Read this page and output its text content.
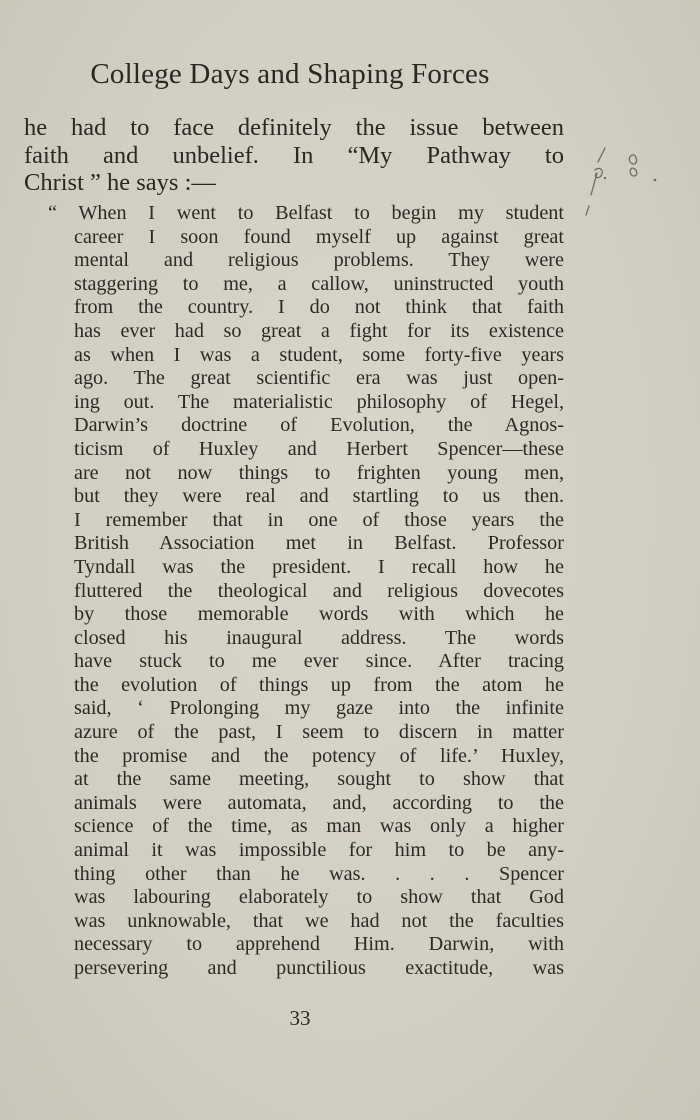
College Days and Shaping Forces
he had to face definitely the issue between
faith and unbelief. In “My Pathway to
Christ ” he says :—
“ When I went to Belfast to begin my student
career I soon found myself up against great
mental and religious problems. They were
staggering to me, a callow, uninstructed youth
from the country. I do not think that faith
has ever had so great a fight for its existence
as when I was a student, some forty-five years
ago. The great scientific era was just open-
ing out. The materialistic philosophy of Hegel,
Darwin’s doctrine of Evolution, the Agnos-
ticism of Huxley and Herbert Spencer—these
are not now things to frighten young men,
but they were real and startling to us then.
I remember that in one of those years the
British Association met in Belfast. Professor
Tyndall was the president. I recall how he
fluttered the theological and religious dovecotes
by those memorable words with which he
closed his inaugural address. The words
have stuck to me ever since. After tracing
the evolution of things up from the atom he
said, ‘ Prolonging my gaze into the infinite
azure of the past, I seem to discern in matter
the promise and the potency of life.’ Huxley,
at the same meeting, sought to show that
animals were automata, and, according to the
science of the time, as man was only a higher
animal it was impossible for him to be any-
thing other than he was. . . . Spencer
was labouring elaborately to show that God
was unknowable, that we had not the faculties
necessary to apprehend Him. Darwin, with
persevering and punctilious exactitude, was
33
